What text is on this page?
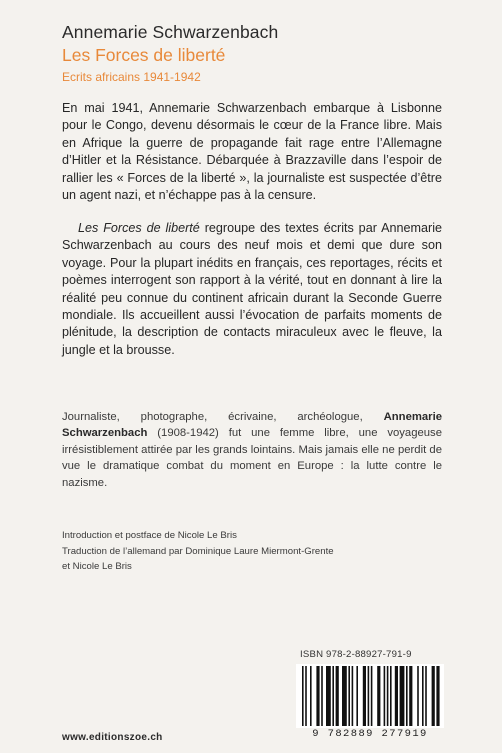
Annemarie Schwarzenbach
Les Forces de liberté
Ecrits africains 1941-1942
En mai 1941, Annemarie Schwarzenbach embarque à Lisbonne pour le Congo, devenu désormais le cœur de la France libre. Mais en Afrique la guerre de propagande fait rage entre l’Allemagne d’Hitler et la Résistance. Débarquée à Brazzaville dans l’espoir de rallier les « Forces de la liberté », la journaliste est suspectée d’être un agent nazi, et n’échappe pas à la censure.
Les Forces de liberté regroupe des textes écrits par Annemarie Schwarzenbach au cours des neuf mois et demi que dure son voyage. Pour la plupart inédits en français, ces reportages, récits et poèmes interrogent son rapport à la vérité, tout en donnant à lire la réalité peu connue du continent africain durant la Seconde Guerre mondiale. Ils accueillent aussi l’évocation de parfaits moments de plénitude, la description de contacts miraculeux avec le fleuve, la jungle et la brousse.
Journaliste, photographe, écrivaine, archéologue, Annemarie Schwarzenbach (1908-1942) fut une femme libre, une voyageuse irrésistiblement attirée par les grands lointains. Mais jamais elle ne perdit de vue le dramatique combat du moment en Europe : la lutte contre le nazisme.
Introduction et postface de Nicole Le Bris
Traduction de l’allemand par Dominique Laure Miermont-Grente
et Nicole Le Bris
ISBN 978-2-88927-791-9
9 782889 277919
www.editionszoe.ch
